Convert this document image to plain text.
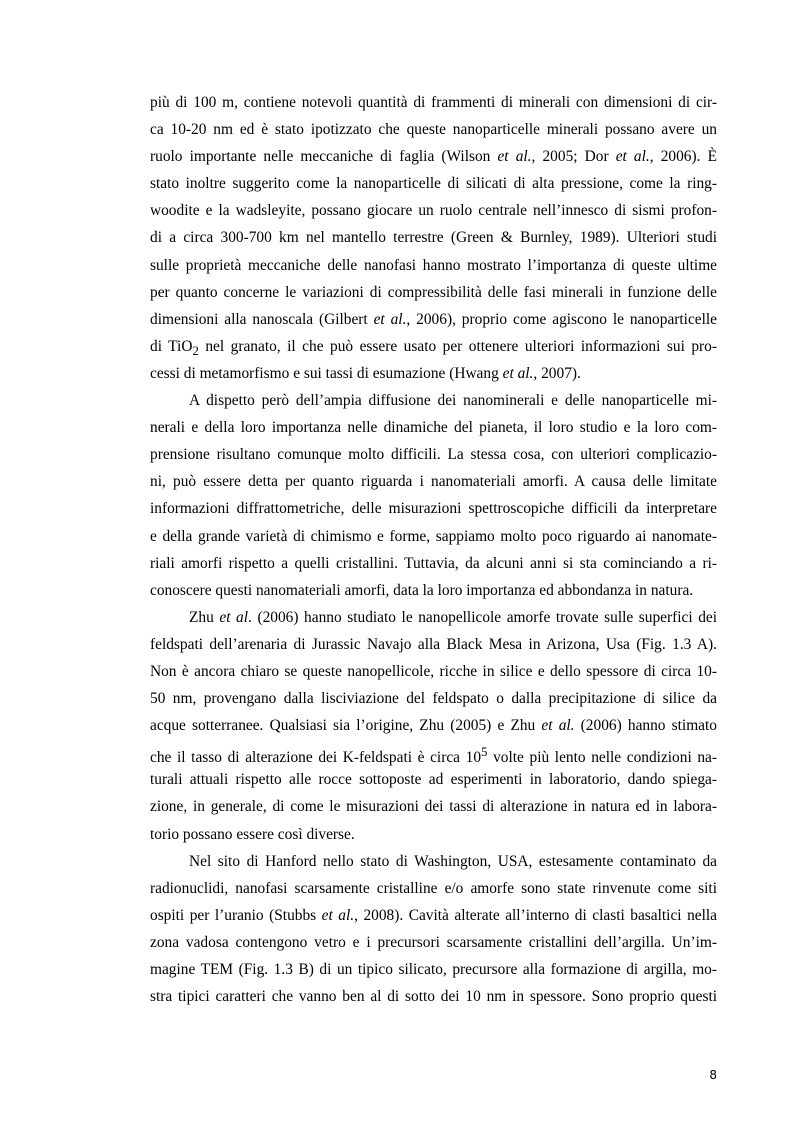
più di 100 m, contiene notevoli quantità di frammenti di minerali con dimensioni di cir-
ca 10-20 nm ed è stato ipotizzato che queste nanoparticelle minerali possano avere un
ruolo importante nelle meccaniche di faglia (Wilson et al., 2005; Dor et al., 2006). È
stato inoltre suggerito come la nanoparticelle di silicati di alta pressione, come la ring-
woodite e la wadsleyite, possano giocare un ruolo centrale nell’innesco di sismi profon-
di a circa 300-700 km nel mantello terrestre (Green & Burnley, 1989). Ulteriori studi
sulle proprietà meccaniche delle nanofasi hanno mostrato l’importanza di queste ultime
per quanto concerne le variazioni di compressibilità delle fasi minerali in funzione delle
dimensioni alla nanoscala (Gilbert et al., 2006), proprio come agiscono le nanoparticelle
di TiO$_2$ nel granato, il che può essere usato per ottenere ulteriori informazioni sui pro-
cessi di metamorfismo e sui tassi di esumazione (Hwang et al., 2007).
A dispetto però dell’ampia diffusione dei nanominerali e delle nanoparticelle mi-
nerali e della loro importanza nelle dinamiche del pianeta, il loro studio e la loro com-
prensione risultano comunque molto difficili. La stessa cosa, con ulteriori complicazio-
ni, può essere detta per quanto riguarda i nanomateriali amorfi. A causa delle limitate
informazioni diffrattometriche, delle misurazioni spettroscopiche difficili da interpretare
e della grande varietà di chimismo e forme, sappiamo molto poco riguardo ai nanomate-
riali amorfi rispetto a quelli cristallini. Tuttavia, da alcuni anni si sta cominciando a ri-
conoscere questi nanomateriali amorfi, data la loro importanza ed abbondanza in natura.
Zhu et al. (2006) hanno studiato le nanopellicole amorfe trovate sulle superfici dei
feldspati dell’arenaria di Jurassic Navajo alla Black Mesa in Arizona, Usa (Fig. 1.3 A).
Non è ancora chiaro se queste nanopellicole, ricche in silice e dello spessore di circa 10-
50 nm, provengano dalla lisciviazione del feldspato o dalla precipitazione di silice da
acque sotterranee. Qualsiasi sia l’origine, Zhu (2005) e Zhu et al. (2006) hanno stimato
che il tasso di alterazione dei K-feldspati è circa $10^5$ volte più lento nelle condizioni na-
turali attuali rispetto alle rocce sottoposte ad esperimenti in laboratorio, dando spiega-
zione, in generale, di come le misurazioni dei tassi di alterazione in natura ed in labora-
torio possano essere così diverse.
Nel sito di Hanford nello stato di Washington, USA, estesamente contaminato da
radionuclidi, nanofasi scarsamente cristalline e/o amorfe sono state rinvenute come siti
ospiti per l’uranio (Stubbs et al., 2008). Cavità alterate all’interno di clasti basaltici nella
zona vadosa contengono vetro e i precursori scarsamente cristallini dell’argilla. Un’im-
magine TEM (Fig. 1.3 B) di un tipico silicato, precursore alla formazione di argilla, mo-
stra tipici caratteri che vanno ben al di sotto dei 10 nm in spessore. Sono proprio questi
8
